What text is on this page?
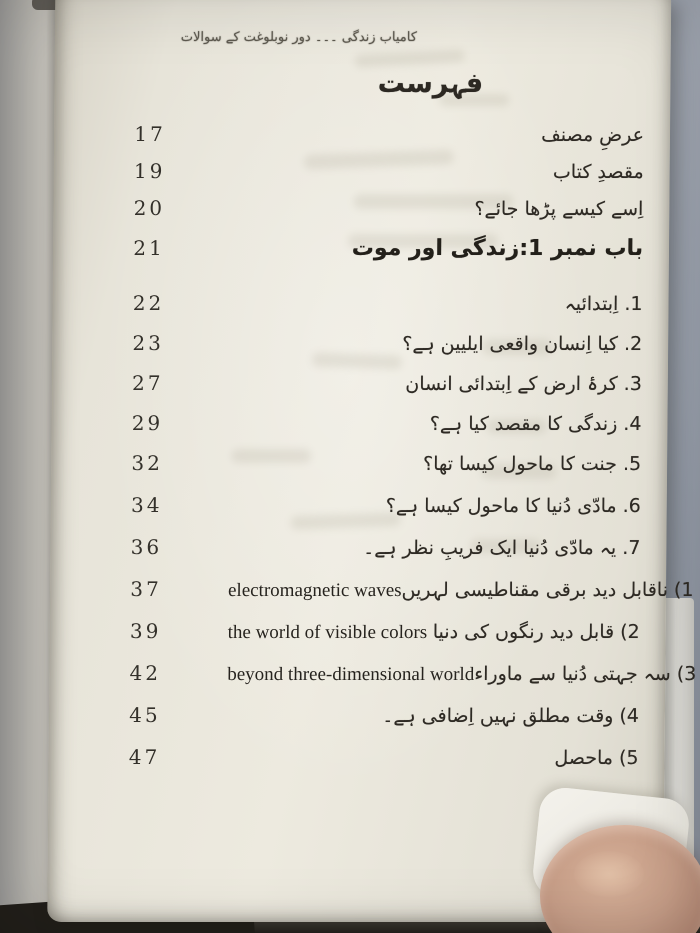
کامیاب زندگی ۔۔۔ دور نوبلوغت کے سوالات
فہرست
17	عرضِ مصنف
19	مقصدِ کتاب
20	اِسے کیسے پڑھا جائے؟
21	باب نمبر 1:زندگی اور موت
22	1. اِبتدائیہ
23	2. کیا اِنسان واقعی ایلیین ہے؟
27	3. کرۂ ارض کے اِبتدائی انسان
29	4. زندگی کا مقصد کیا ہے؟
32	5. جنت کا ماحول کیسا تھا؟
34	6. مادّی دُنیا کا ماحول کیسا ہے؟
36	7. یہ مادّی دُنیا ایک فریبِ نظر ہے۔
37	electromagnetic waves 1) ناقابل دید برقی مقناطیسی لہریں
39	the world of visible colors 2) قابل دید رنگوں کی دنیا
42	beyond three-dimensional world 3) سہ جہتی دُنیا سے ماوراء
45	4) وقت مطلق نہیں اِضافی ہے۔
47	5) ماحصل
